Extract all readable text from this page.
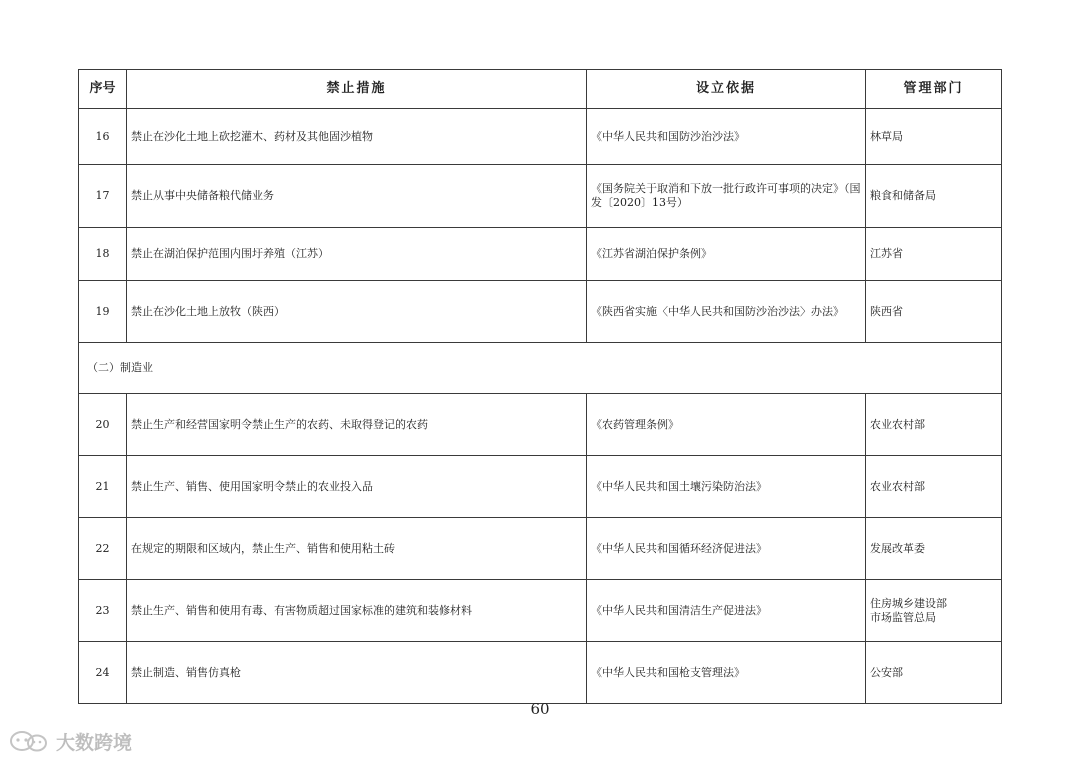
序号	禁止措施	设立依据	管理部门
16	禁止在沙化土地上砍挖灌木、药材及其他固沙植物	《中华人民共和国防沙治沙法》	林草局
17	禁止从事中央储备粮代储业务	《国务院关于取消和下放一批行政许可事项的决定》（国发〔2020〕13号）	粮食和储备局
18	禁止在湖泊保护范围内围圩养殖（江苏）	《江苏省湖泊保护条例》	江苏省
19	禁止在沙化土地上放牧（陕西）	《陕西省实施〈中华人民共和国防沙治沙法〉办法》	陕西省
（二）制造业			
20	禁止生产和经营国家明令禁止生产的农药、未取得登记的农药	《农药管理条例》	农业农村部
21	禁止生产、销售、使用国家明令禁止的农业投入品	《中华人民共和国土壤污染防治法》	农业农村部
22	在规定的期限和区域内，禁止生产、销售和使用粘土砖	《中华人民共和国循环经济促进法》	发展改革委
23	禁止生产、销售和使用有毒、有害物质超过国家标准的建筑和装修材料	《中华人民共和国清洁生产促进法》	住房城乡建设部
市场监管总局
24	禁止制造、销售仿真枪	《中华人民共和国枪支管理法》	公安部
60
大数跨境
